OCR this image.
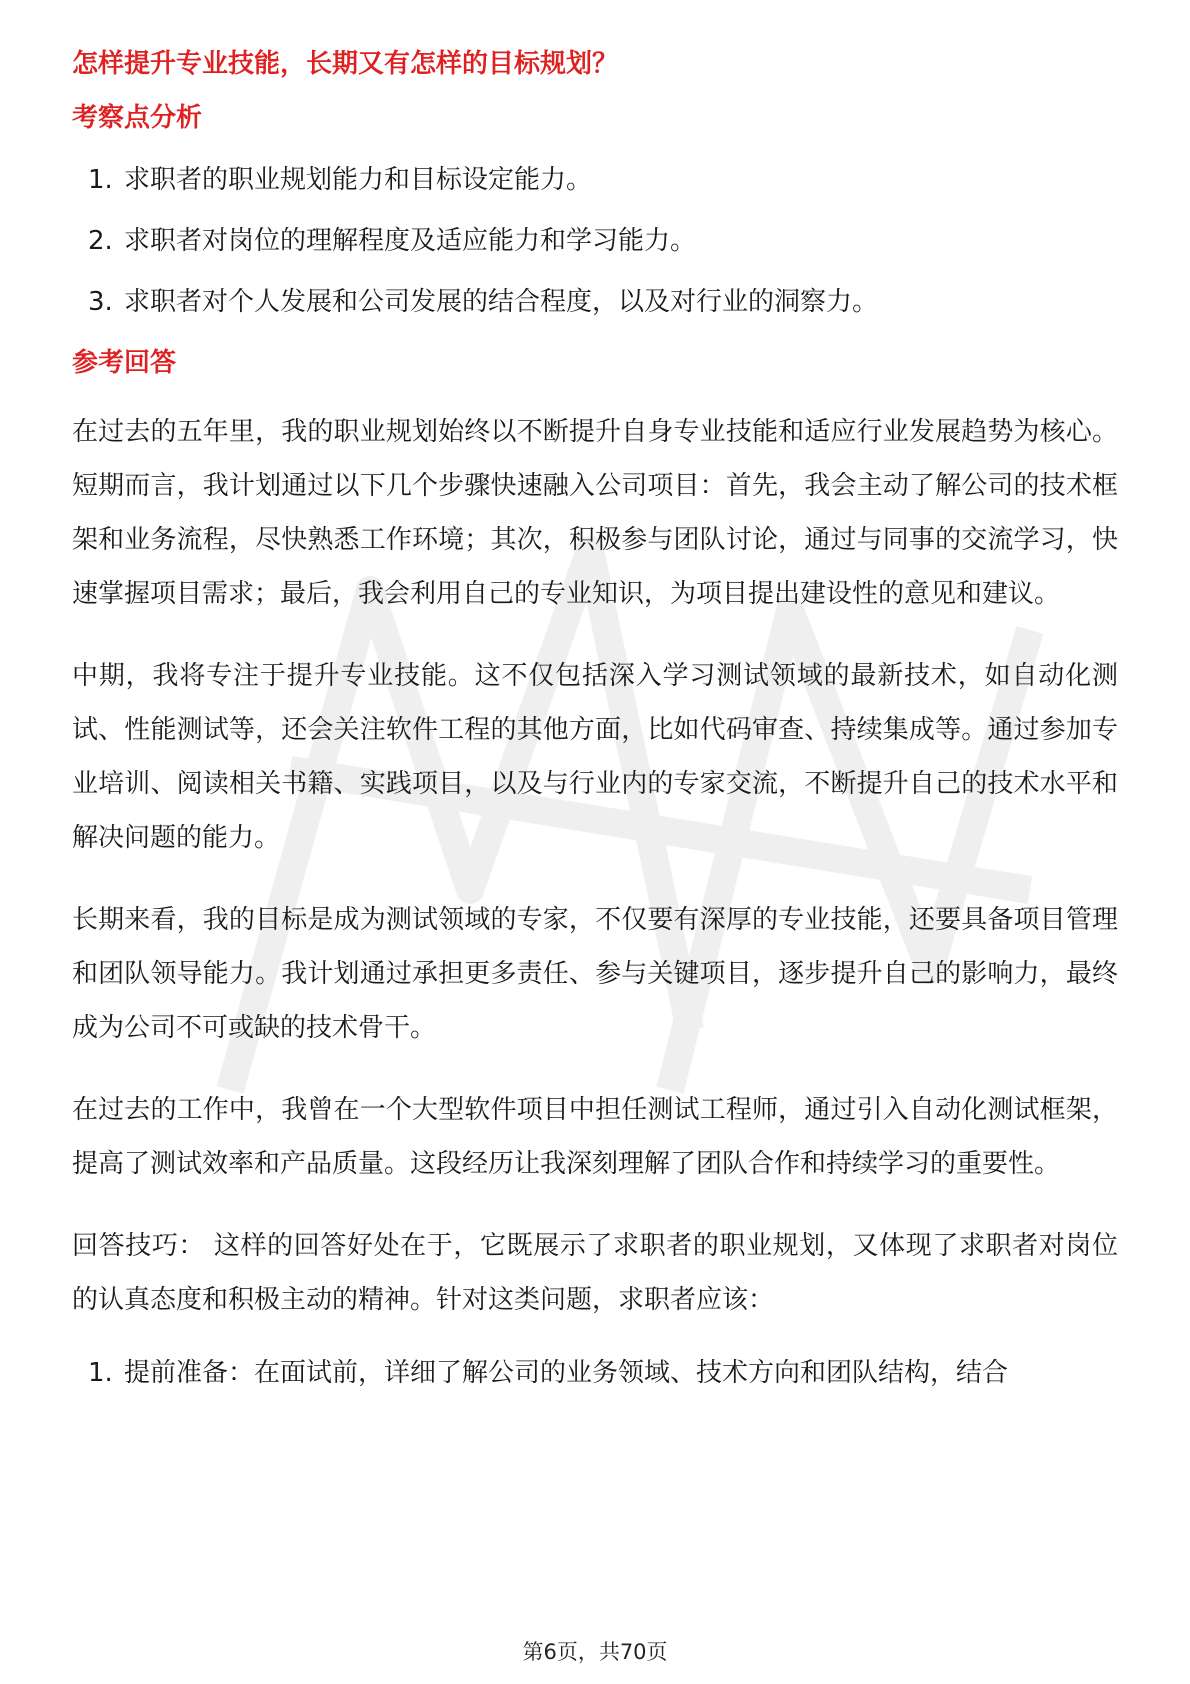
怎样提升专业技能，长期又有怎样的目标规划？
考察点分析
1. 求职者的职业规划能力和目标设定能力。
2. 求职者对岗位的理解程度及适应能力和学习能力。
3. 求职者对个人发展和公司发展的结合程度，以及对行业的洞察力。
参考回答

在过去的五年里，我的职业规划始终以不断提升自身专业技能和适应行业发展趋势为核心。短期而言，我计划通过以下几个步骤快速融入公司项目：首先，我会主动了解公司的技术框架和业务流程，尽快熟悉工作环境；其次，积极参与团队讨论，通过与同事的交流学习，快速掌握项目需求；最后，我会利用自己的专业知识，为项目提出建设性的意见和建议。

中期，我将专注于提升专业技能。这不仅包括深入学习测试领域的最新技术，如自动化测试、性能测试等，还会关注软件工程的其他方面，比如代码审查、持续集成等。通过参加专业培训、阅读相关书籍、实践项目，以及与行业内的专家交流，不断提升自己的技术水平和解决问题的能力。

长期来看，我的目标是成为测试领域的专家，不仅要有深厚的专业技能，还要具备项目管理和团队领导能力。我计划通过承担更多责任、参与关键项目，逐步提升自己的影响力，最终成为公司不可或缺的技术骨干。

在过去的工作中，我曾在一个大型软件项目中担任测试工程师，通过引入自动化测试框架，提高了测试效率和产品质量。这段经历让我深刻理解了团队合作和持续学习的重要性。

回答技巧： 这样的回答好处在于，它既展示了求职者的职业规划，又体现了求职者对岗位的认真态度和积极主动的精神。针对这类问题，求职者应该：

1. 提前准备：在面试前，详细了解公司的业务领域、技术方向和团队结构，结合
第6页，共70页
